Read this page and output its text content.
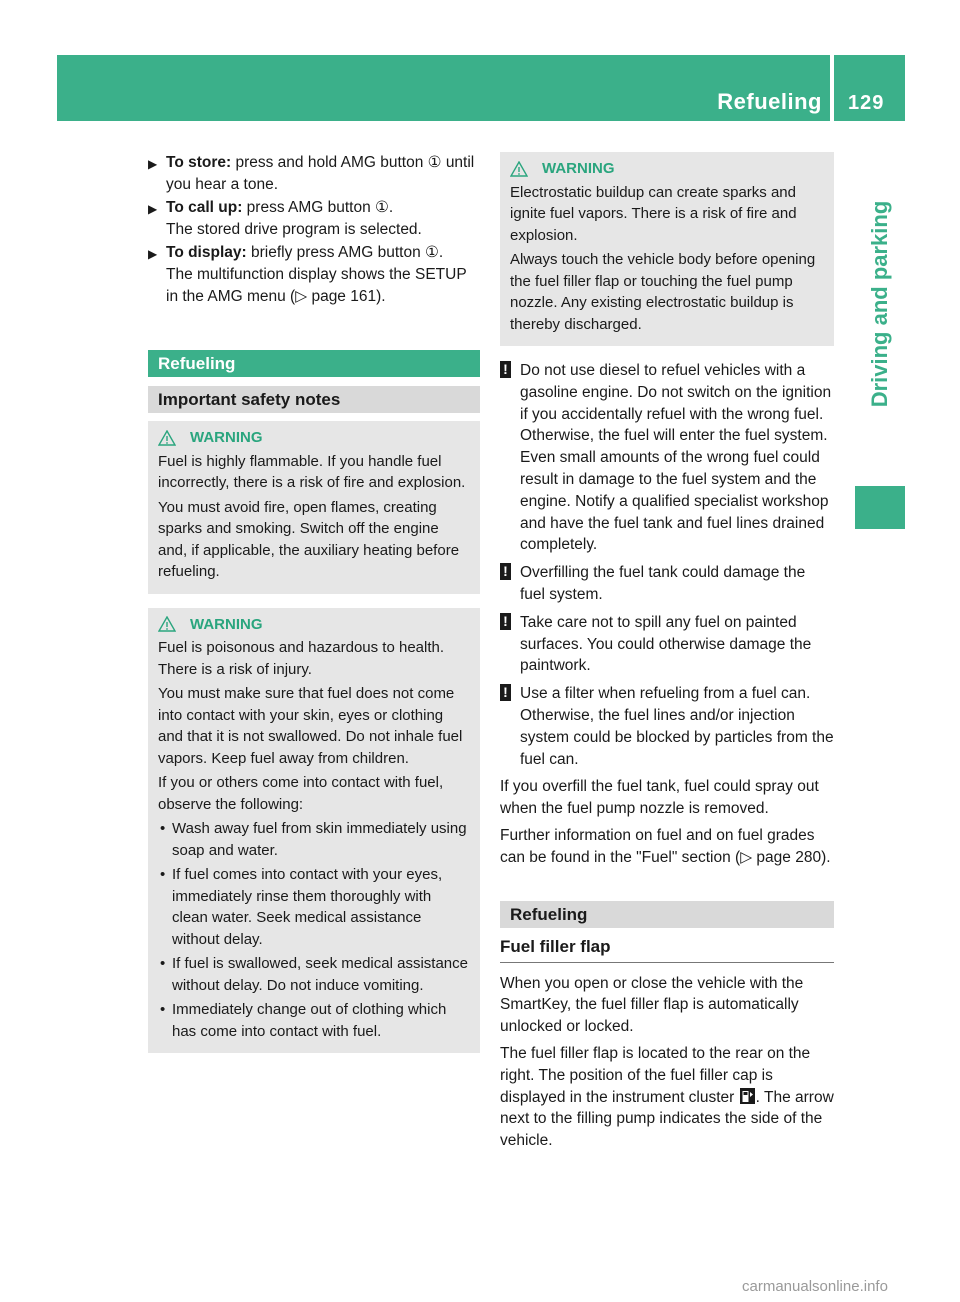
Refueling 129
Driving and parking
▶ To store: press and hold AMG button ① until you hear a tone.
▶ To call up: press AMG button ①.
The stored drive program is selected.
▶ To display: briefly press AMG button ①.
The multifunction display shows the SETUP in the AMG menu (▷ page 161).
Refueling
Important safety notes
WARNING

Fuel is highly flammable. If you handle fuel incorrectly, there is a risk of fire and explosion.

You must avoid fire, open flames, creating sparks and smoking. Switch off the engine and, if applicable, the auxiliary heating before refueling.

WARNING

Fuel is poisonous and hazardous to health. There is a risk of injury.

You must make sure that fuel does not come into contact with your skin, eyes or clothing and that it is not swallowed. Do not inhale fuel vapors. Keep fuel away from children.

If you or others come into contact with fuel, observe the following:

• Wash away fuel from skin immediately using soap and water.
• If fuel comes into contact with your eyes, immediately rinse them thoroughly with clean water. Seek medical assistance without delay.
• If fuel is swallowed, seek medical assistance without delay. Do not induce vomiting.
• Immediately change out of clothing which has come into contact with fuel.
WARNING

Electrostatic buildup can create sparks and ignite fuel vapors. There is a risk of fire and explosion.

Always touch the vehicle body before opening the fuel filler flap or touching the fuel pump nozzle. Any existing electrostatic buildup is thereby discharged.

! Do not use diesel to refuel vehicles with a gasoline engine. Do not switch on the ignition if you accidentally refuel with the wrong fuel. Otherwise, the fuel will enter the fuel system. Even small amounts of the wrong fuel could result in damage to the fuel system and the engine. Notify a qualified specialist workshop and have the fuel tank and fuel lines drained completely.
! Overfilling the fuel tank could damage the fuel system.
! Take care not to spill any fuel on painted surfaces. You could otherwise damage the paintwork.
! Use a filter when refueling from a fuel can. Otherwise, the fuel lines and/or injection system could be blocked by particles from the fuel can.

If you overfill the fuel tank, fuel could spray out when the fuel pump nozzle is removed.

Further information on fuel and on fuel grades can be found in the "Fuel" section (▷ page 280).

Refueling
Fuel filler flap

When you open or close the vehicle with the SmartKey, the fuel filler flap is automatically unlocked or locked.

The fuel filler flap is located to the rear on the right. The position of the fuel filler cap is displayed in the instrument cluster . The arrow next to the filling pump indicates the side of the vehicle.

carmanualsonline.info
